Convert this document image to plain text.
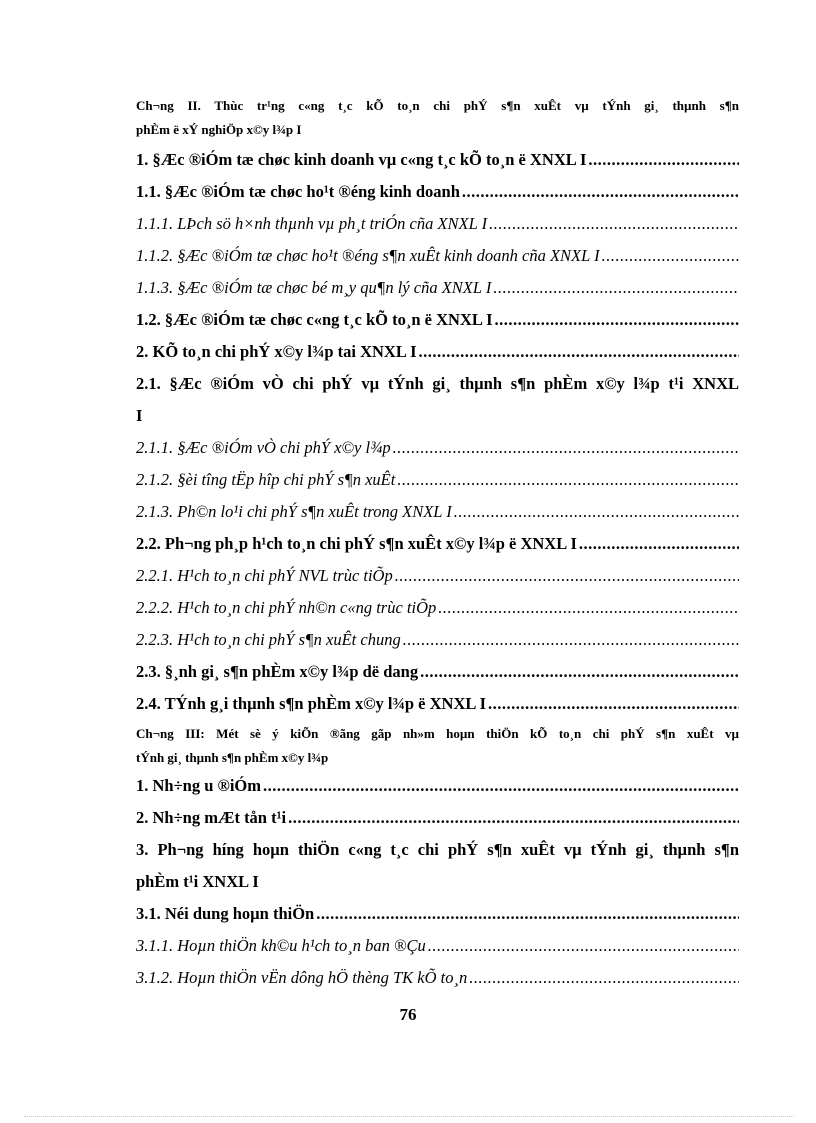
Ch¬ng II. Thùc tr¹ng c«ng t¸c kÕ to¸n chi phÝ s¶n xuÊt vµ tÝnh gi¸ thµnh s¶n
phÈm ë xÝ nghiÖp x©y l¾p I
1. §Æc ®iÓm tæ chøc kinh doanh vµ c«ng t¸c kÕ to¸n ë XNXL I
.....
1.1. §Æc ®iÓm tæ chøc ho¹t ®éng kinh doanh
.....
1.1.1. LÞch sö h×nh thµnh vµ ph¸t triÓn cña XNXL I
.....
1.1.2. §Æc ®iÓm tæ chøc ho¹t ®éng s¶n xuÊt kinh doanh cña XNXL I
.....
1.1.3. §Æc ®iÓm tæ chøc bé m¸y qu¶n lý cña XNXL I
.....
1.2. §Æc ®iÓm tæ chøc c«ng t¸c kÕ to¸n ë XNXL I
.....
2. KÕ to¸n chi phÝ x©y l¾p tai XNXL I
.....
2.1. §Æc ®iÓm vÒ chi phÝ vµ tÝnh gi¸ thµnh s¶n phÈm x©y l¾p t¹i XNXL
I
2.1.1. §Æc ®iÓm vÒ chi phÝ x©y l¾p
.....
2.1.2. §èi tîng tËp hîp chi phÝ s¶n xuÊt
.....
2.1.3. Ph©n lo¹i chi phÝ s¶n xuÊt trong XNXL I
.....
2.2. Ph¬ng ph¸p h¹ch to¸n chi phÝ s¶n xuÊt x©y l¾p ë XNXL I
.....
2.2.1. H¹ch to¸n chi phÝ NVL trùc tiÕp
.....
2.2.2. H¹ch to¸n chi phÝ nh©n c«ng trùc tiÕp
.....
2.2.3. H¹ch to¸n chi phÝ s¶n xuÊt chung
.....
2.3. §¸nh gi¸ s¶n phÈm x©y l¾p dë dang
.....
2.4. TÝnh g¸i thµnh s¶n phÈm x©y l¾p ë XNXL I
.....
Ch¬ng III: Mét sè ý kiÕn ®ãng gãp nh»m hoµn thiÖn kÕ to¸n chi phÝ s¶n xuÊt vµ
tÝnh gi¸ thµnh s¶n phÈm x©y l¾p
1. Nh÷ng u ®iÓm
.....
2. Nh÷ng mÆt tån t¹i
.....
3. Ph¬ng híng hoµn thiÖn c«ng t¸c chi phÝ s¶n xuÊt vµ tÝnh gi¸ thµnh s¶n
phÈm t¹i XNXL I
3.1. Néi dung hoµn thiÖn
.....
3.1.1. Hoµn thiÖn kh©u h¹ch to¸n ban ®Çu
.....
3.1.2. Hoµn thiÖn vËn dông hÖ thèng TK kÕ to¸n
.....
76
